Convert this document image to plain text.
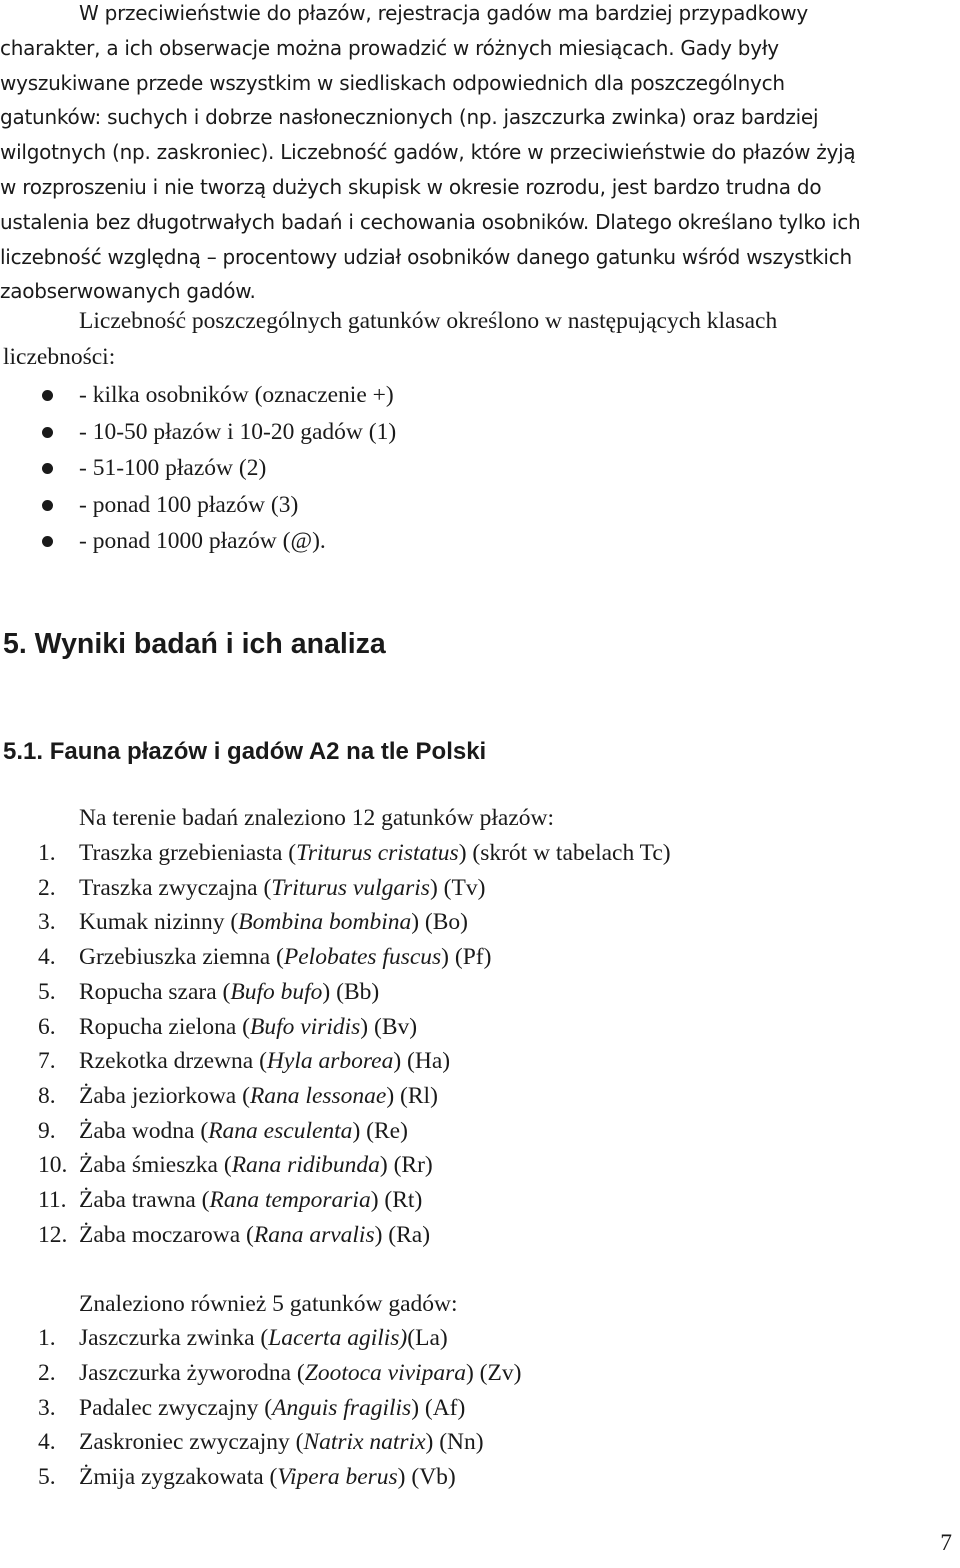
W przeciwieństwie do płazów, rejestracja gadów ma bardziej przypadkowy
charakter, a ich obserwacje można prowadzić w różnych miesiącach. Gady były
wyszukiwane przede wszystkim w siedliskach odpowiednich dla poszczególnych
gatunków: suchych i dobrze nasłonecznionych (np. jaszczurka zwinka) oraz bardziej
wilgotnych (np. zaskroniec). Liczebność gadów, które w przeciwieństwie do płazów żyją
w rozproszeniu i nie tworzą dużych skupisk w okresie rozrodu, jest bardzo trudna do
ustalenia bez długotrwałych badań i cechowania osobników. Dlatego określano tylko ich
liczebność względną – procentowy udział osobników danego gatunku wśród wszystkich
zaobserwowanych gadów.
Liczebność poszczególnych gatunków określono w następujących klasach
liczebności:
- kilka osobników (oznaczenie +)
- 10-50 płazów i 10-20 gadów (1)
- 51-100 płazów (2)
- ponad 100 płazów (3)
- ponad 1000 płazów (@).
5. Wyniki badań i ich analiza
5.1. Fauna płazów i gadów A2 na tle Polski
Na terenie badań znaleziono 12 gatunków płazów:
1. Traszka grzebieniasta (Triturus cristatus) (skrót w tabelach Tc)
2. Traszka zwyczajna (Triturus vulgaris) (Tv)
3. Kumak nizinny (Bombina bombina) (Bo)
4. Grzebiuszka ziemna (Pelobates fuscus) (Pf)
5. Ropucha szara (Bufo bufo) (Bb)
6. Ropucha zielona (Bufo viridis) (Bv)
7. Rzekotka drzewna (Hyla arborea) (Ha)
8. Żaba jeziorkowa (Rana lessonae) (Rl)
9. Żaba wodna (Rana esculenta) (Re)
10. Żaba śmieszka (Rana ridibunda) (Rr)
11. Żaba trawna (Rana temporaria) (Rt)
12. Żaba moczarowa (Rana arvalis) (Ra)
Znaleziono również 5 gatunków gadów:
1. Jaszczurka zwinka (Lacerta agilis)(La)
2. Jaszczurka żyworodna (Zootoca vivipara) (Zv)
3. Padalec zwyczajny (Anguis fragilis) (Af)
4. Zaskroniec zwyczajny (Natrix natrix) (Nn)
5. Żmija zygzakowata (Vipera berus) (Vb)
7
